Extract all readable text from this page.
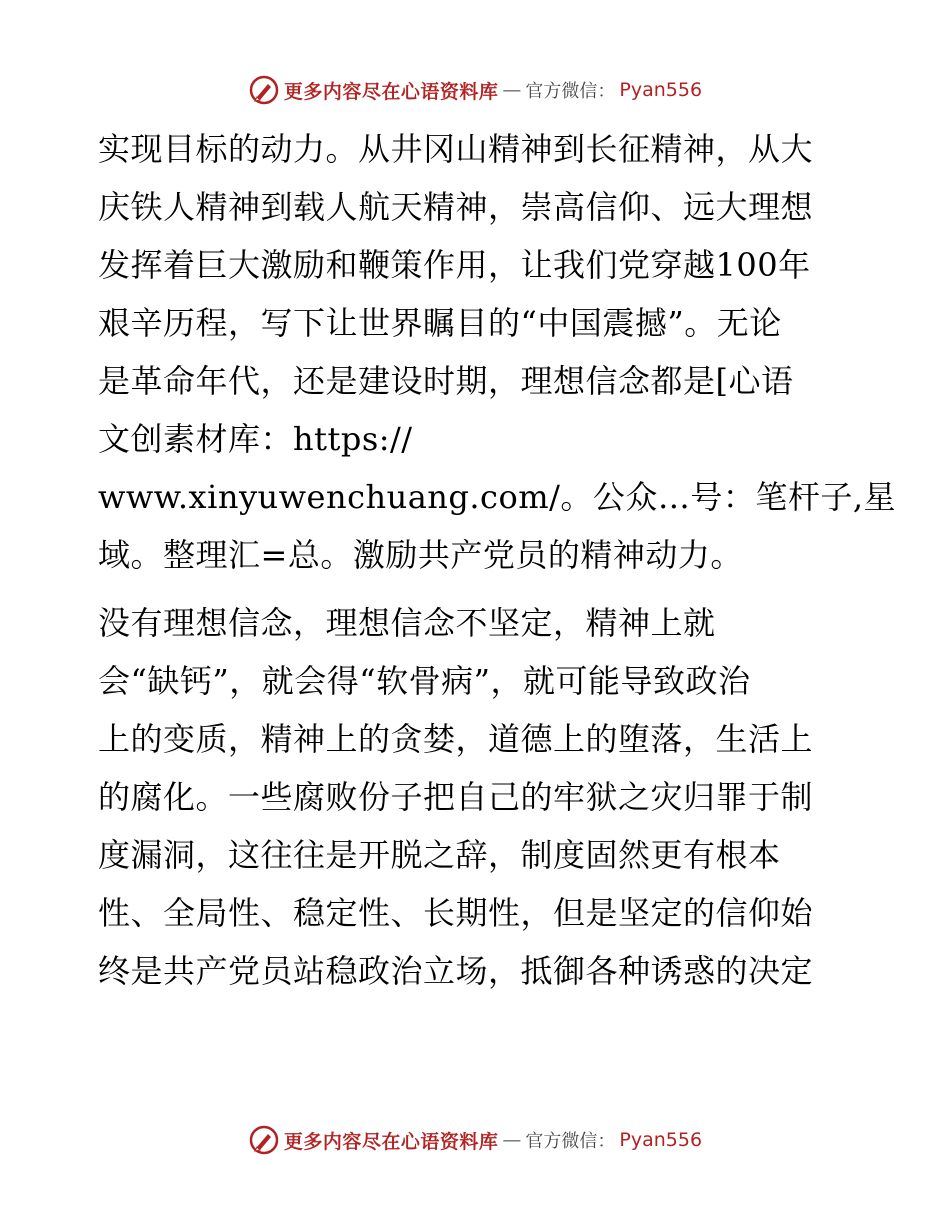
更多内容尽在心语资料库 — 官方微信： Pyan556
实现目标的动力。从井冈山精神到长征精神，从大
庆铁人精神到载人航天精神，崇高信仰、远大理想
发挥着巨大激励和鞭策作用，让我们党穿越100年
艰辛历程，写下让世界瞩目的“中国震撼”。无论
是革命年代，还是建设时期，理想信念都是[心语
文创素材库：https://
www.xinyuwenchuang.com/。公众…号：笔杆子,星
域。整理汇=总。激励共产党员的精神动力。
没有理想信念，理想信念不坚定，精神上就
会“缺钙”，就会得“软骨病”，就可能导致政治
上的变质，精神上的贪婪，道德上的堕落，生活上
的腐化。一些腐败份子把自己的牢狱之灾归罪于制
度漏洞，这往往是开脱之辞，制度固然更有根本
性、全局性、稳定性、长期性，但是坚定的信仰始
终是共产党员站稳政治立场，抵御各种诱惑的决定
更多内容尽在心语资料库 — 官方微信： Pyan556
